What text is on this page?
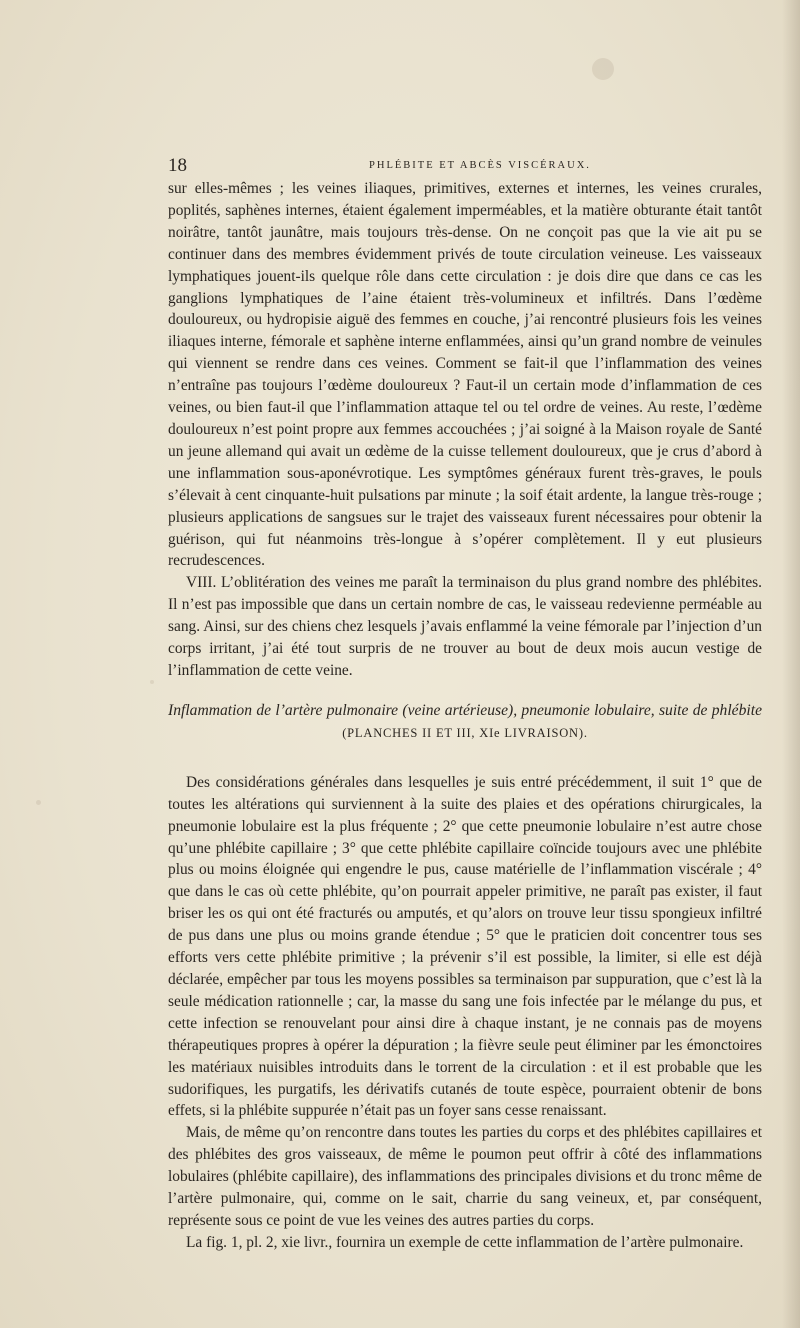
18	PHLÉBITE ET ABCÈS VISCÉRAUX.

sur elles-mêmes ; les veines iliaques, primitives, externes et internes, les veines crurales, poplités, saphènes internes, étaient également imperméables, et la matière obturante était tantôt noirâtre, tantôt jaunâtre, mais toujours très-dense. On ne conçoit pas que la vie ait pu se continuer dans des membres évidemment privés de toute circulation veineuse. Les vaisseaux lymphatiques jouent-ils quelque rôle dans cette circulation : je dois dire que dans ce cas les ganglions lymphatiques de l’aine étaient très-volumineux et infiltrés. Dans l’œdème douloureux, ou hydropisie aiguë des femmes en couche, j’ai rencontré plusieurs fois les veines iliaques interne, fémorale et saphène interne enflammées, ainsi qu’un grand nombre de veinules qui viennent se rendre dans ces veines. Comment se fait-il que l’inflammation des veines n’entraîne pas toujours l’œdème douloureux ? Faut-il un certain mode d’inflammation de ces veines, ou bien faut-il que l’inflammation attaque tel ou tel ordre de veines. Au reste, l’œdème douloureux n’est point propre aux femmes accouchées ; j’ai soigné à la Maison royale de Santé un jeune allemand qui avait un œdème de la cuisse tellement douloureux, que je crus d’abord à une inflammation sous-aponévrotique. Les symptômes généraux furent très-graves, le pouls s’élevait à cent cinquante-huit pulsations par minute ; la soif était ardente, la langue très-rouge ; plusieurs applications de sangsues sur le trajet des vaisseaux furent nécessaires pour obtenir la guérison, qui fut néanmoins très-longue à s’opérer complètement. Il y eut plusieurs recrudescences.

VIII. L’oblitération des veines me paraît la terminaison du plus grand nombre des phlébites. Il n’est pas impossible que dans un certain nombre de cas, le vaisseau redevienne perméable au sang. Ainsi, sur des chiens chez lesquels j’avais enflammé la veine fémorale par l’injection d’un corps irritant, j’ai été tout surpris de ne trouver au bout de deux mois aucun vestige de l’inflammation de cette veine.

Inflammation de l’artère pulmonaire (veine artérieuse), pneumonie lobulaire, suite de phlébite

(PLANCHES II ET III, XIe LIVRAISON).

Des considérations générales dans lesquelles je suis entré précédemment, il suit 1° que de toutes les altérations qui surviennent à la suite des plaies et des opérations chirurgicales, la pneumonie lobulaire est la plus fréquente ; 2° que cette pneumonie lobulaire n’est autre chose qu’une phlébite capillaire ; 3° que cette phlébite capillaire coïncide toujours avec une phlébite plus ou moins éloignée qui engendre le pus, cause matérielle de l’inflammation viscérale ; 4° que dans le cas où cette phlébite, qu’on pourrait appeler primitive, ne paraît pas exister, il faut briser les os qui ont été fracturés ou amputés, et qu’alors on trouve leur tissu spongieux infiltré de pus dans une plus ou moins grande étendue ; 5° que le praticien doit concentrer tous ses efforts vers cette phlébite primitive ; la prévenir s’il est possible, la limiter, si elle est déjà déclarée, empêcher par tous les moyens possibles sa terminaison par suppuration, que c’est là la seule médication rationnelle ; car, la masse du sang une fois infectée par le mélange du pus, et cette infection se renouvelant pour ainsi dire à chaque instant, je ne connais pas de moyens thérapeutiques propres à opérer la dépuration ; la fièvre seule peut éliminer par les émonctoires les matériaux nuisibles introduits dans le torrent de la circulation : et il est probable que les sudorifiques, les purgatifs, les dérivatifs cutanés de toute espèce, pourraient obtenir de bons effets, si la phlébite suppurée n’était pas un foyer sans cesse renaissant.

Mais, de même qu’on rencontre dans toutes les parties du corps et des phlébites capillaires et des phlébites des gros vaisseaux, de même le poumon peut offrir à côté des inflammations lobulaires (phlébite capillaire), des inflammations des principales divisions et du tronc même de l’artère pulmonaire, qui, comme on le sait, charrie du sang veineux, et, par conséquent, représente sous ce point de vue les veines des autres parties du corps.

La fig. 1, pl. 2, xie livr., fournira un exemple de cette inflammation de l’artère pulmonaire.
